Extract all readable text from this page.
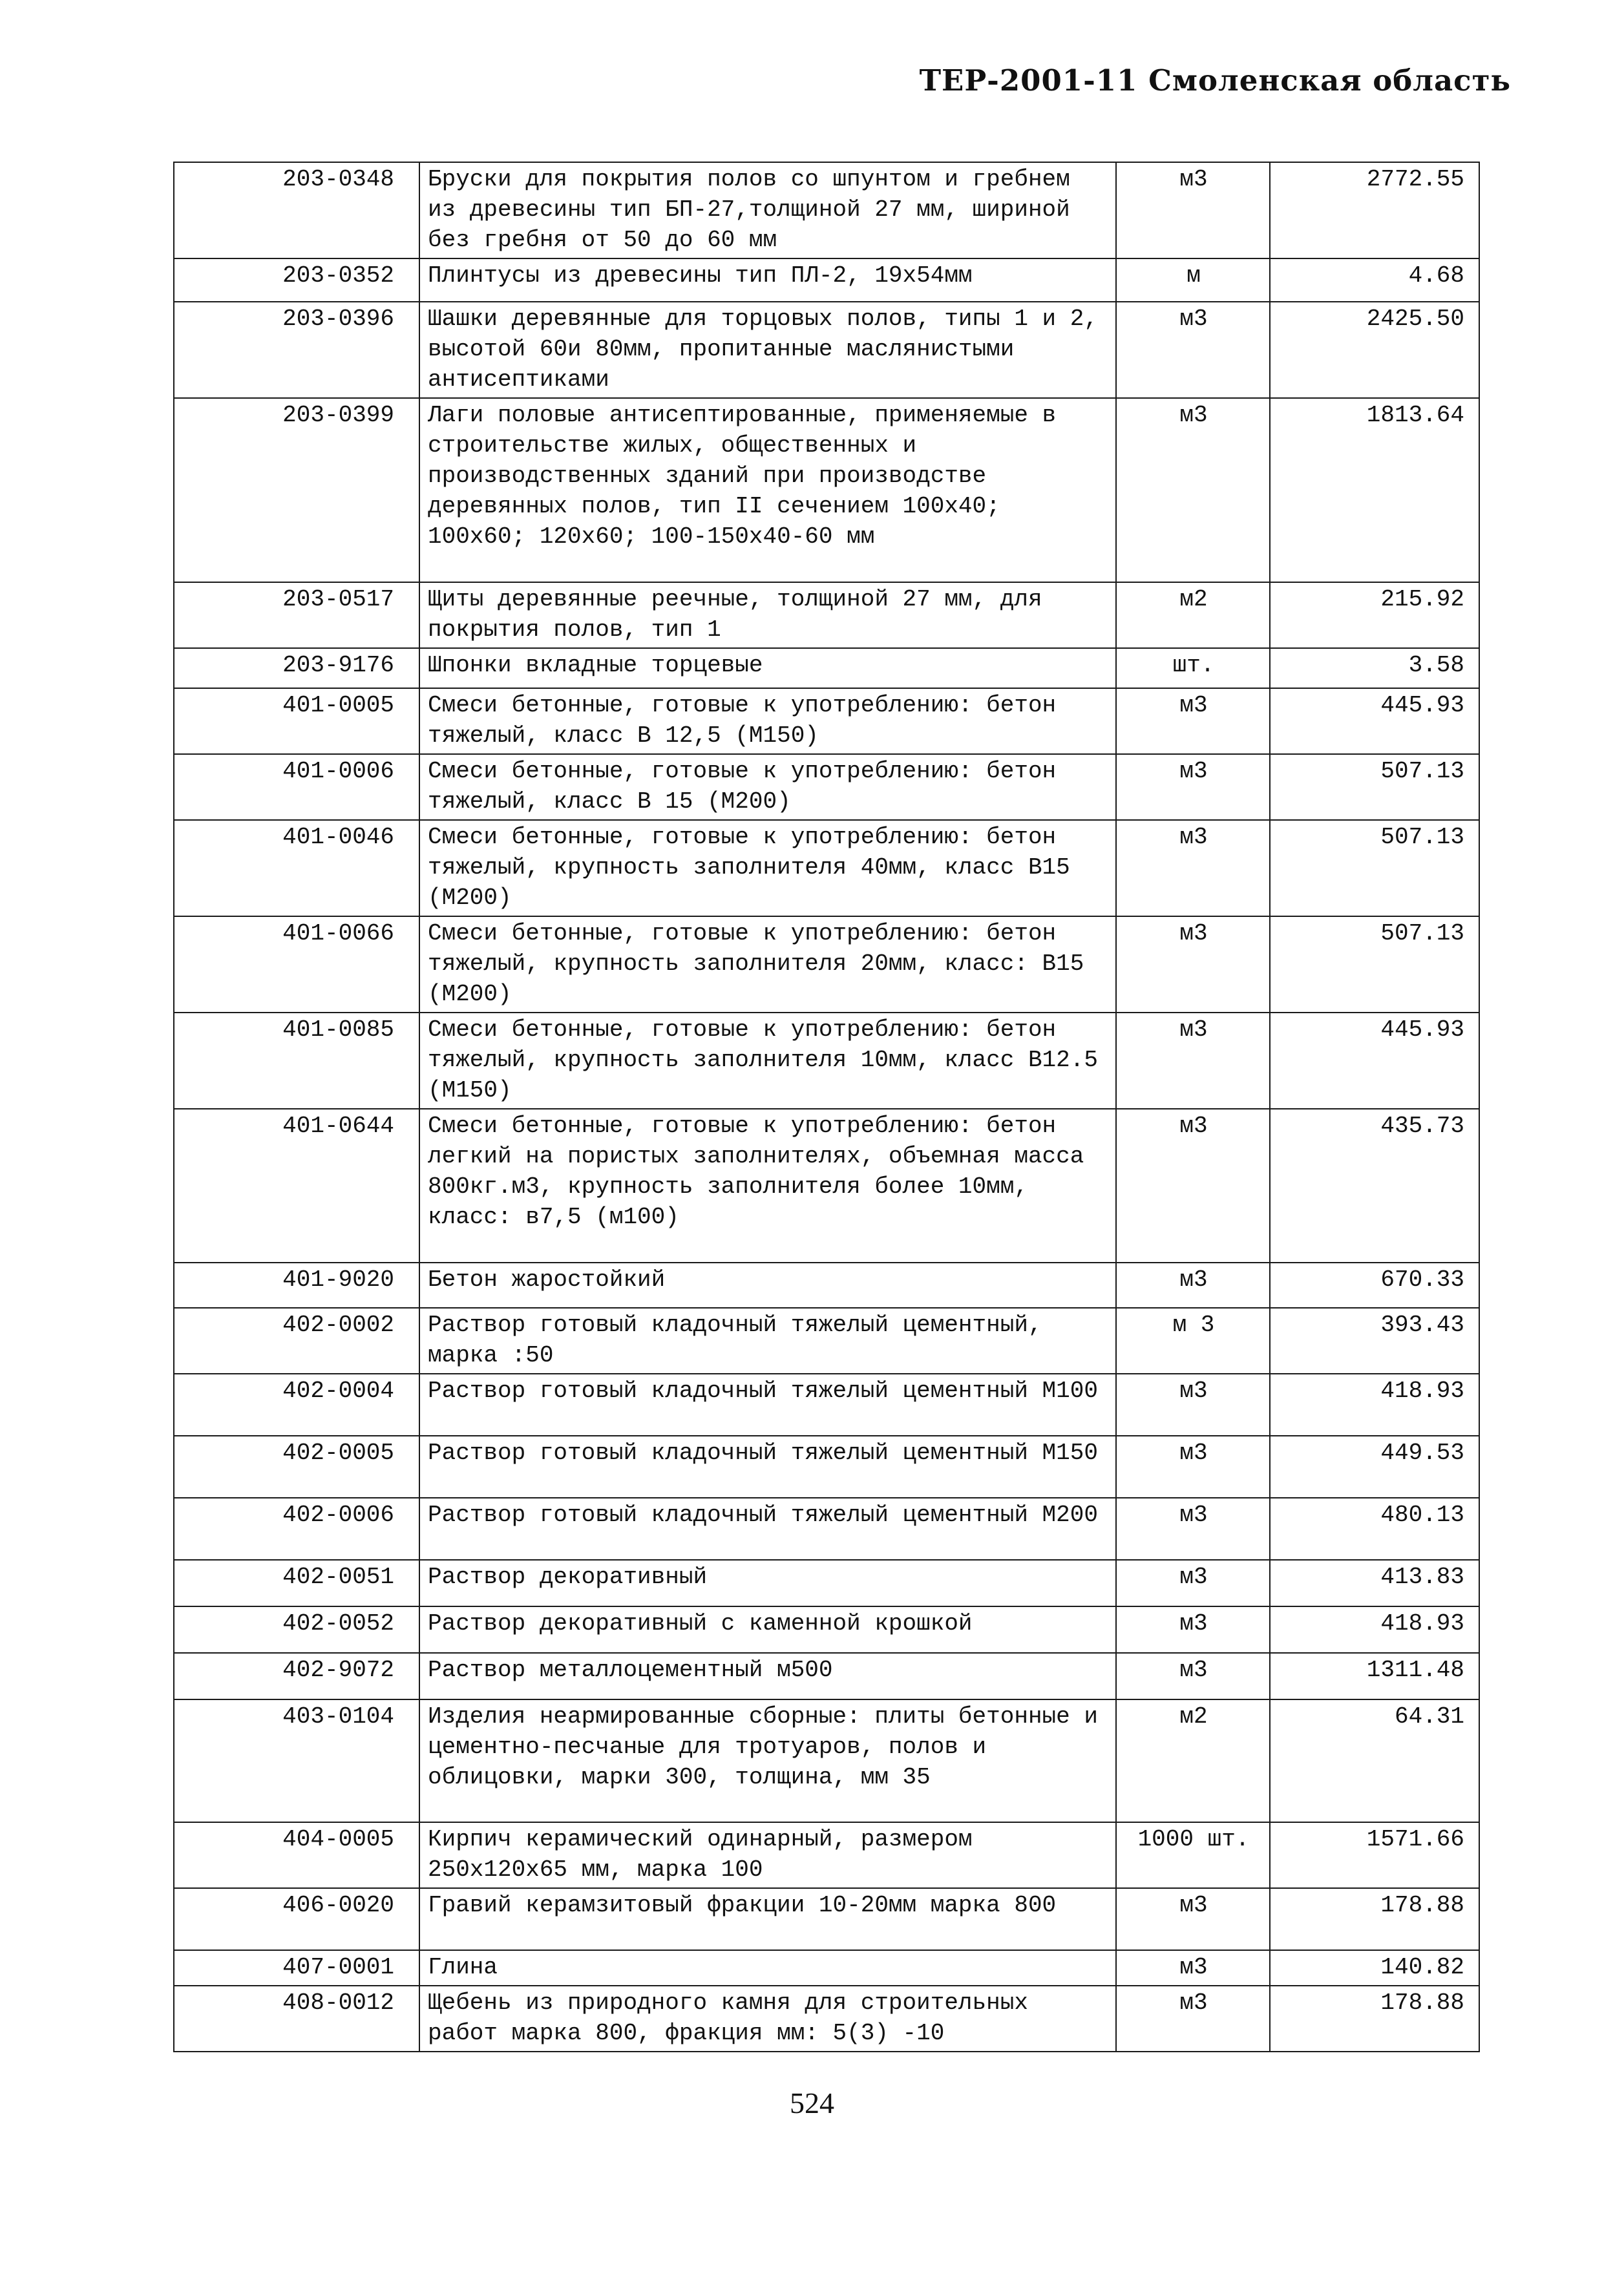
ТЕР-2001-11 Смоленская область
203-0348	Бруски для покрытия полов со шпунтом и гребнем из древесины тип БП-27,толщиной 27 мм, шириной без гребня от 50 до 60 мм	м3	2772.55
203-0352	Плинтусы из древесины тип ПЛ-2, 19х54мм	м	4.68
203-0396	Шашки деревянные для торцовых полов, типы 1 и 2, высотой 60и 80мм, пропитанные маслянистыми антисептиками	м3	2425.50
203-0399	Лаги половые антисептированные, применяемые в строительстве жилых, общественных и производственных зданий при производстве деревянных полов, тип II сечением 100х40; 100х60; 120х60; 100-150х40-60 мм	м3	1813.64
203-0517	Щиты деревянные реечные, толщиной 27 мм, для покрытия полов, тип 1	м2	215.92
203-9176	Шпонки вкладные торцевые	шт.	3.58
401-0005	Смеси бетонные, готовые к употреблению: бетон тяжелый, класс В 12,5 (М150)	м3	445.93
401-0006	Смеси бетонные, готовые к употреблению: бетон тяжелый, класс В 15 (М200)	м3	507.13
401-0046	Смеси бетонные, готовые к употреблению: бетон тяжелый, крупность заполнителя 40мм, класс В15 (М200)	м3	507.13
401-0066	Смеси бетонные, готовые к употреблению: бетон тяжелый, крупность заполнителя 20мм, класс: В15 (М200)	м3	507.13
401-0085	Смеси бетонные, готовые к употреблению: бетон тяжелый, крупность заполнителя 10мм, класс В12.5 (М150)	м3	445.93
401-0644	Смеси бетонные, готовые к употреблению: бетон легкий на пористых заполнителях, объемная масса 800кг.м3, крупность заполнителя более 10мм, класс: в7,5 (м100)	м3	435.73
401-9020	Бетон жаростойкий	м3	670.33
402-0002	Раствор готовый кладочный тяжелый цементный, марка :50	м 3	393.43
402-0004	Раствор готовый кладочный тяжелый цементный М100	м3	418.93
402-0005	Раствор готовый кладочный тяжелый цементный М150	м3	449.53
402-0006	Раствор готовый кладочный тяжелый цементный М200	м3	480.13
402-0051	Раствор декоративный	м3	413.83
402-0052	Раствор декоративный с каменной крошкой	м3	418.93
402-9072	Раствор металлоцементный м500	м3	1311.48
403-0104	Изделия неармированные сборные: плиты бетонные и цементно-песчаные для тротуаров, полов и облицовки, марки 300, толщина, мм 35	м2	64.31
404-0005	Кирпич керамический одинарный, размером 250х120х65 мм, марка 100	1000 шт.	1571.66
406-0020	Гравий керамзитовый фракции 10-20мм марка 800	м3	178.88
407-0001	Глина	м3	140.82
408-0012	Щебень из природного камня для строительных работ марка 800, фракция мм: 5(3) -10	м3	178.88
524
